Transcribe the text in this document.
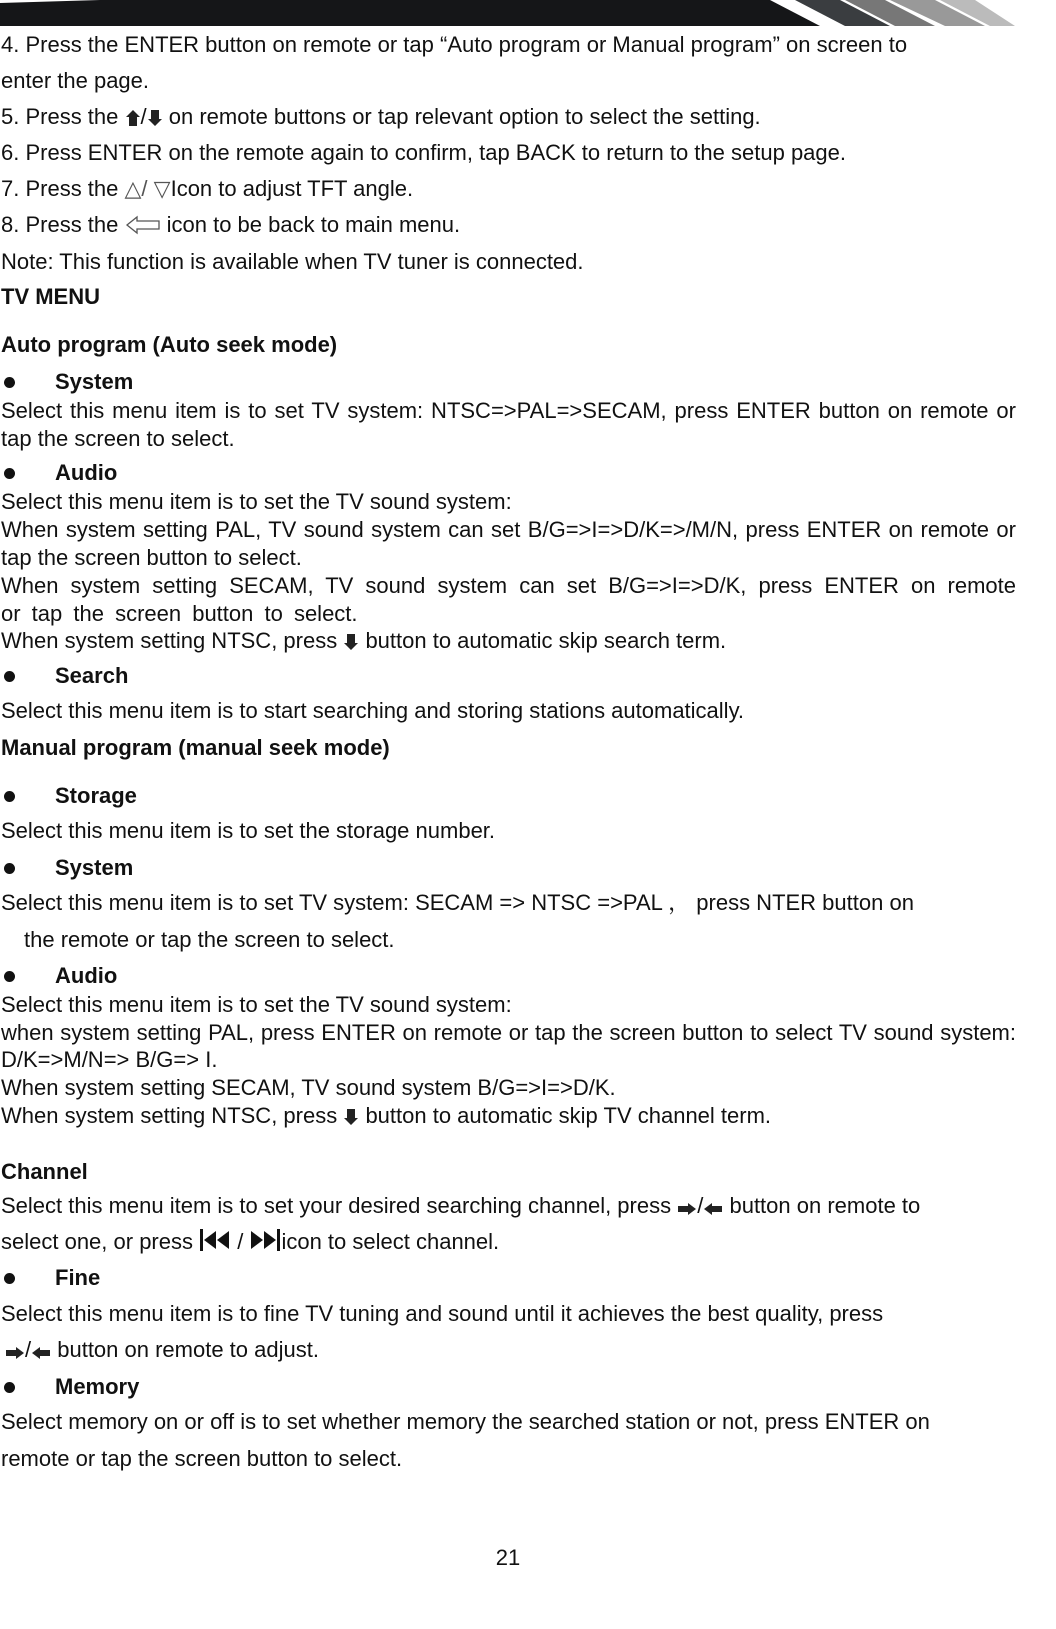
4. Press the ENTER button on remote or tap “Auto program or Manual program” on screen to
enter the page.
5. Press the / on remote buttons or tap relevant option to select the setting.
6. Press ENTER on the remote again to confirm, tap BACK to return to the setup page.
7. Press the △/ ▽Icon to adjust TFT angle.
8. Press the  icon to be back to main menu.
Note: This function is available when TV tuner is connected.
TV MENU
Auto program (Auto seek mode)
System
Select this menu item is to set TV system: NTSC=>PAL=>SECAM, press ENTER button on remote or tap the screen to select.
Audio
Select this menu item is to set the TV sound system:
When system setting PAL, TV sound system can set B/G=>I=>D/K=>/M/N, press ENTER on remote or tap the screen button to select.
When system setting SECAM, TV sound system can set B/G=>I=>D/K, press ENTER on remote or tap the screen button to select.
When system setting NTSC, press  button to automatic skip search term.
Search
Select this menu item is to start searching and storing stations automatically.
Manual program (manual seek mode)
Storage
Select this menu item is to set the storage number.
System
Select this menu item is to set TV system: SECAM => NTSC =>PAL ， press NTER button on
the remote or tap the screen to select.
Audio
Select this menu item is to set the TV sound system:
when system setting PAL, press ENTER on remote or tap the screen button to select TV sound system: D/K=>M/N=> B/G=> I.
When system setting SECAM, TV sound system B/G=>I=>D/K.
When system setting NTSC, press  button to automatic skip TV channel term.
Channel
Select this menu item is to set your desired searching channel, press / button on remote to
select one, or press  / icon to select channel.
Fine
Select this menu item is to fine TV tuning and sound until it achieves the best quality, press
/ button on remote to adjust.
Memory
Select memory on or off is to set whether memory the searched station or not, press ENTER on
remote or tap the screen button to select.
21
